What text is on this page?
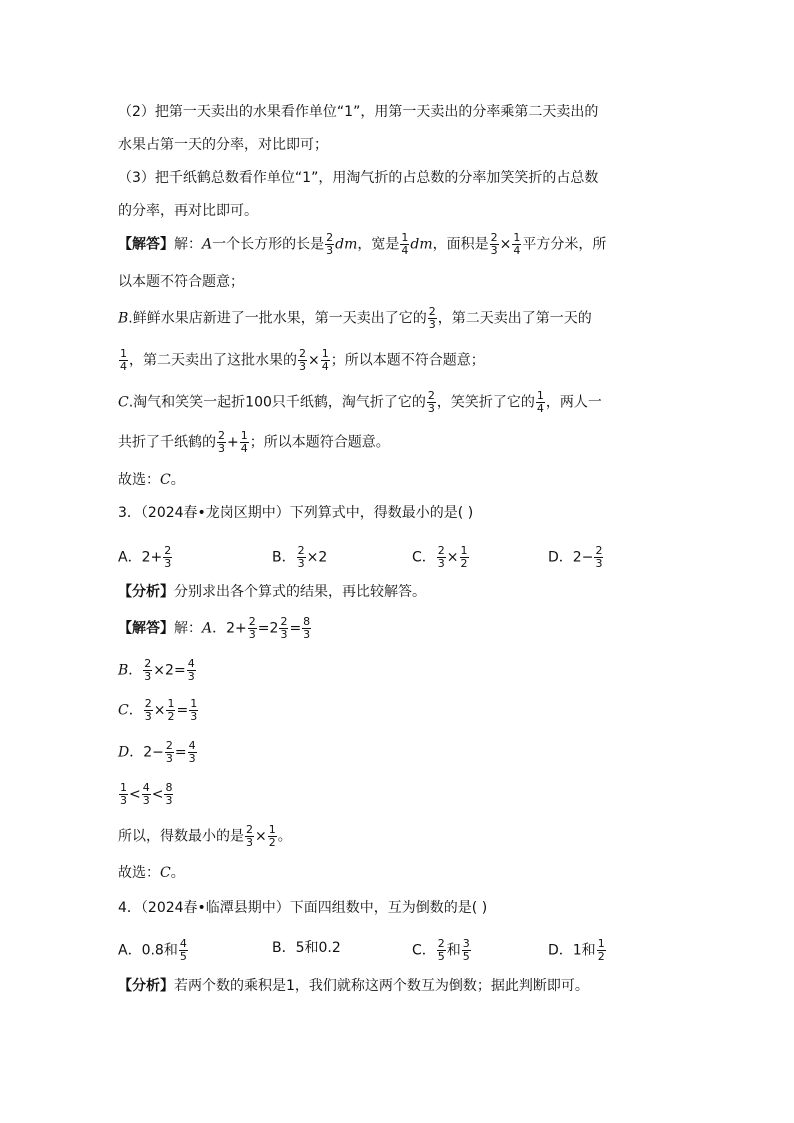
（2）把第一天卖出的水果看作单位“1”，用第一天卖出的分率乘第二天卖出的
水果占第一天的分率，对比即可；
（3）把千纸鹤总数看作单位“1”，用淘气折的占总数的分率加笑笑折的占总数
的分率，再对比即可。
【解答】解：A一个长方形的长是 $\frac{2}{3}$ dm，宽是 $\frac{1}{4}$ dm，面积是 $\frac{2}{3} \times \frac{1}{4}$ 平方分米，所
以本题不符合题意；
B.鲜鲜水果店新进了一批水果，第一天卖出了它的 $\frac{2}{3}$ ，第二天卖出了第一天的
$\frac{1}{4}$ ，第二天卖出了这批水果的 $\frac{2}{3} \times \frac{1}{4}$ ；所以本题不符合题意；
C.淘气和笑笑一起折100只千纸鹤，淘气折了它的 $\frac{2}{3}$ ，笑笑折了它的 $\frac{1}{4}$ ，两人一
共折了千纸鹤的 $\frac{2}{3} + \frac{1}{4}$ ；所以本题符合题意。
故选：C。
3．（2024春•龙岗区期中）下列算式中，得数最小的是( )
A．$2+ \frac{2}{3}$	B． $\frac{2}{3} \times 2$	C． $\frac{2}{3} \times \frac{1}{2}$	D．$2- \frac{2}{3}$
【分析】分别求出各个算式的结果，再比较解答。
【解答】解：A．$2+ \frac{2}{3} =2 \frac{2}{3} = \frac{8}{3}$
B． $\frac{2}{3} \times 2= \frac{4}{3}$
C． $\frac{2}{3} \times \frac{1}{2} = \frac{1}{3}$
D．$2- \frac{2}{3} = \frac{4}{3}$
$\frac{1}{3} < \frac{4}{3} < \frac{8}{3}$
所以，得数最小的是 $\frac{2}{3} \times \frac{1}{2}$ 。
故选：C。
4．（2024春•临潭县期中）下面四组数中，互为倒数的是( )
A．0.8和 $\frac{4}{5}$	B．5和0.2	C． $\frac{2}{5}$ 和 $\frac{3}{5}$	D．1和 $\frac{1}{2}$
【分析】若两个数的乘积是1，我们就称这两个数互为倒数；据此判断即可。
